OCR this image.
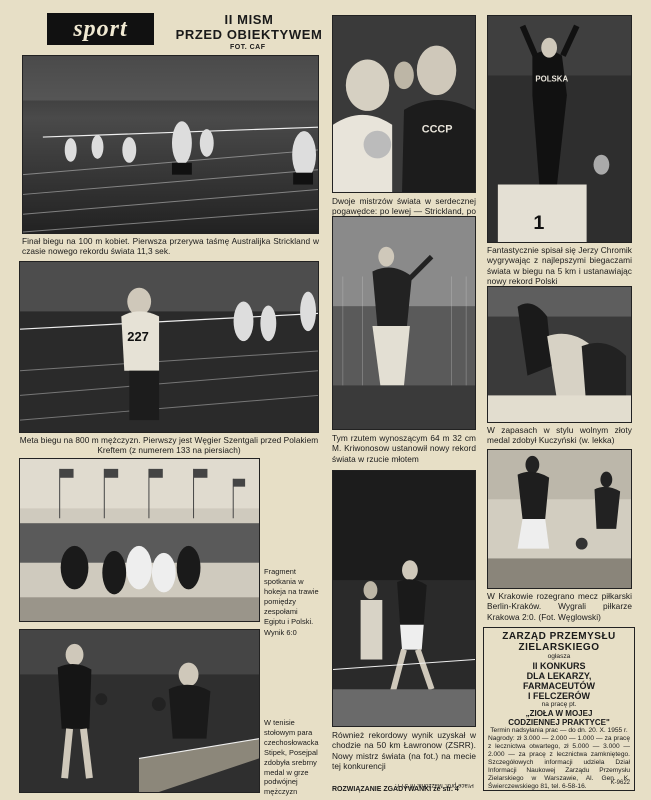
sport	II MISM
PRZED OBIEKTYWEM
FOT. CAF
Finał biegu na 100 m kobiet. Pierwsza przerywa taśmę Australijka Strickland w czasie nowego rekordu świata 11,3 sek.
СССР
Dwoje mistrzów świata w serdecznej pogawędce: po lewej — Strickland, po
POLSKA
1
Fantastycznie spisał się Jerzy Chromik wygrywając z najlepszymi biegaczami świata w biegu na 5 km i ustanawiając nowy rekord Polski
227
Meta biegu na 800 m mężczyzn. Pierwszy jest Węgier Szentgali przed Polakiem Kreftem (z numerem 133 na piersiach)
Tym rzutem wynoszącym 64 m 32 cm M. Kriwonosow ustanowił nowy rekord świata w rzucie młotem
W zapasach w stylu wolnym złoty medal zdobył Kuczyński (w. lekka)
Fragment spotkania w hokeja na trawie pomiędzy zespołami Egiptu i Polski. Wynik 6:0
W Krakowie rozegrano mecz piłkarski Berlin-Kraków. Wygrali piłkarze Krakowa 2:0. (Fot. Węglowski)
Również rekordowy wynik uzyskał w chodzie na 50 km Ławronow (ZSRR). Nowy mistrz świata (na fot.) na mecie tej konkurencji
W tenisie stołowym para czechosłowacka Stipek, Posejpal zdobyła srebrny medal w grze podwójnej mężczyzn
ZARZĄD PRZEMYSŁU
ZIELARSKIEGO
ogłasza
II KONKURS
DLA LEKARZY,
FARMACEUTÓW
I FELCZERÓW
na pracę pt.
„ZIOŁA W MOJEJ
CODZIENNEJ PRAKTYCE"
Termin nadsyłania prac — do dn. 20. X. 1955 r.
Nagrody: zł 3.000 — 2.000 — 1.000 — za pracę z lecznictwa otwartego, zł 5.000 — 3.000 — 2.000 — za pracę z lecznictwa zamkniętego. Szczegółowych informacji udziela Dział Informacji Naukowej Zarządu Przemysłu Zielarskiego w Warszawie, Al. Gen. K. Świerczewskiego 81, tel. 6-58-16.	K-9622
ROZWIĄZANIE ZGADYWANKI ze str. 4
Prace prof. Mazzona: nr 3 i 7.
